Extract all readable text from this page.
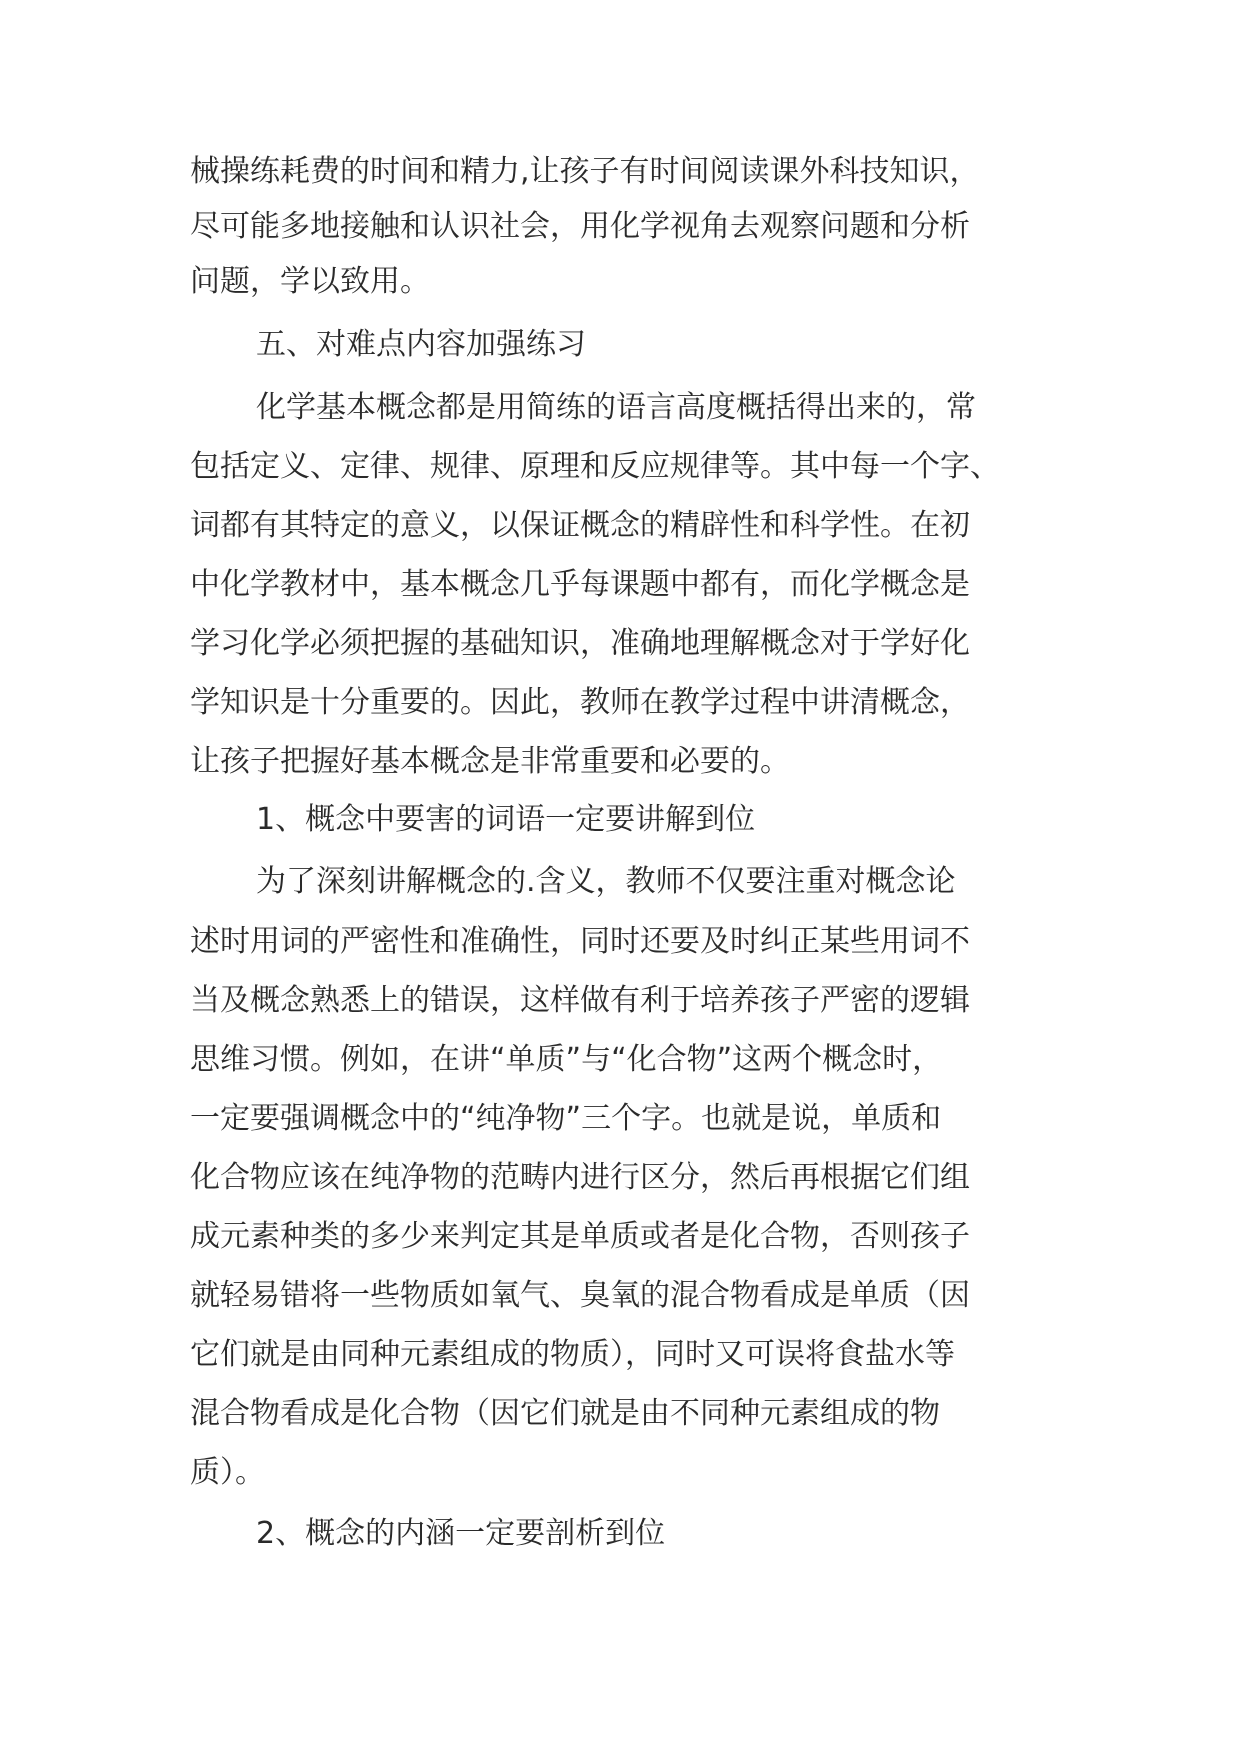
械操练耗费的时间和精力,让孩子有时间阅读课外科技知识，
尽可能多地接触和认识社会，用化学视角去观察问题和分析
问题，学以致用。
五、对难点内容加强练习
化学基本概念都是用简练的语言高度概括得出来的，常
包括定义、定律、规律、原理和反应规律等。其中每一个字、
词都有其特定的意义，以保证概念的精辟性和科学性。在初
中化学教材中，基本概念几乎每课题中都有，而化学概念是
学习化学必须把握的基础知识，准确地理解概念对于学好化
学知识是十分重要的。因此，教师在教学过程中讲清概念，
让孩子把握好基本概念是非常重要和必要的。
1、概念中要害的词语一定要讲解到位
为了深刻讲解概念的.含义，教师不仅要注重对概念论
述时用词的严密性和准确性，同时还要及时纠正某些用词不
当及概念熟悉上的错误，这样做有利于培养孩子严密的逻辑
思维习惯。例如，在讲“单质”与“化合物”这两个概念时，
一定要强调概念中的“纯净物”三个字。也就是说，单质和
化合物应该在纯净物的范畴内进行区分，然后再根据它们组
成元素种类的多少来判定其是单质或者是化合物，否则孩子
就轻易错将一些物质如氧气、臭氧的混合物看成是单质（因
它们就是由同种元素组成的物质），同时又可误将食盐水等
混合物看成是化合物（因它们就是由不同种元素组成的物
质）。
2、概念的内涵一定要剖析到位
